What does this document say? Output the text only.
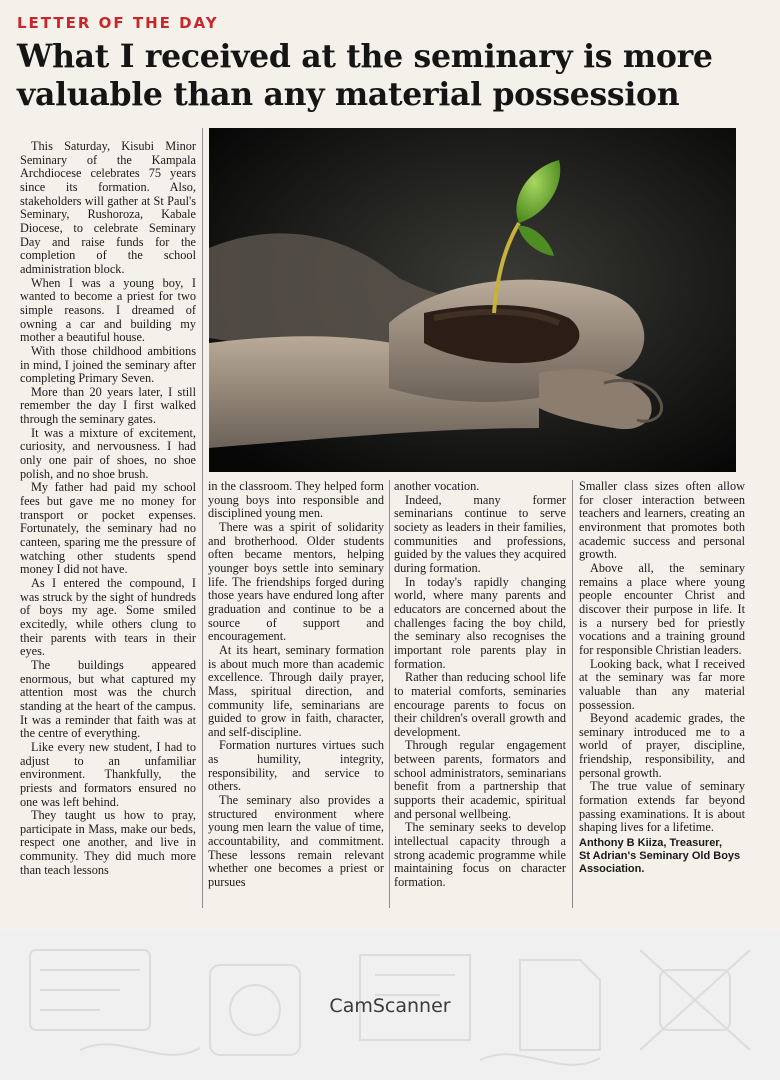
LETTER OF THE DAY
What I received at the seminary is more valuable than any material possession

This Saturday, Kisubi Minor Seminary of the Kampala Archdiocese celebrates 75 years since its formation. Also, stakeholders will gather at St Paul's Seminary, Rushoroza, Kabale Diocese, to celebrate Seminary Day and raise funds for the completion of the school administration block.

When I was a young boy, I wanted to become a priest for two simple reasons. I dreamed of owning a car and building my mother a beautiful house.

With those childhood ambitions in mind, I joined the seminary after completing Primary Seven.

More than 20 years later, I still remember the day I first walked through the seminary gates.

It was a mixture of excitement, curiosity, and nervousness. I had only one pair of shoes, no shoe polish, and no shoe brush.

My father had paid my school fees but gave me no money for transport or pocket expenses. Fortunately, the seminary had no canteen, sparing me the pressure of watching other students spend money I did not have.

As I entered the compound, I was struck by the sight of hundreds of boys my age. Some smiled excitedly, while others clung to their parents with tears in their eyes.

The buildings appeared enormous, but what captured my attention most was the church standing at the heart of the campus. It was a reminder that faith was at the centre of everything.

Like every new student, I had to adjust to an unfamiliar environment. Thankfully, the priests and formators ensured no one was left behind.

They taught us how to pray, participate in Mass, make our beds, respect one another, and live in community. They did much more than teach lessons

in the classroom. They helped form young boys into responsible and disciplined young men.

There was a spirit of solidarity and brotherhood. Older students often became mentors, helping younger boys settle into seminary life. The friendships forged during those years have endured long after graduation and continue to be a source of support and encouragement.

At its heart, seminary formation is about much more than academic excellence. Through daily prayer, Mass, spiritual direction, and community life, seminarians are guided to grow in faith, character, and self-discipline.

Formation nurtures virtues such as humility, integrity, responsibility, and service to others.

The seminary also provides a structured environment where young men learn the value of time, accountability, and commitment. These lessons remain relevant whether one becomes a priest or pursues

another vocation.

Indeed, many former seminarians continue to serve society as leaders in their families, communities and professions, guided by the values they acquired during formation.

In today's rapidly changing world, where many parents and educators are concerned about the challenges facing the boy child, the seminary also recognises the important role parents play in formation.

Rather than reducing school life to material comforts, seminaries encourage parents to focus on their children's overall growth and development.

Through regular engagement between parents, formators and school administrators, seminarians benefit from a partnership that supports their academic, spiritual and personal wellbeing.

The seminary seeks to develop intellectual capacity through a strong academic programme while maintaining focus on character formation.

Smaller class sizes often allow for closer interaction between teachers and learners, creating an environment that promotes both academic success and personal growth.

Above all, the seminary remains a place where young people encounter Christ and discover their purpose in life. It is a nursery bed for priestly vocations and a training ground for responsible Christian leaders.

Looking back, what I received at the seminary was far more valuable than any material possession.

Beyond academic grades, the seminary introduced me to a world of prayer, discipline, friendship, responsibility, and personal growth.

The true value of seminary formation extends far beyond passing examinations. It is about shaping lives for a lifetime.

Anthony B Kiiza, Treasurer,

St Adrian's Seminary Old Boys Association.

CamScanner
